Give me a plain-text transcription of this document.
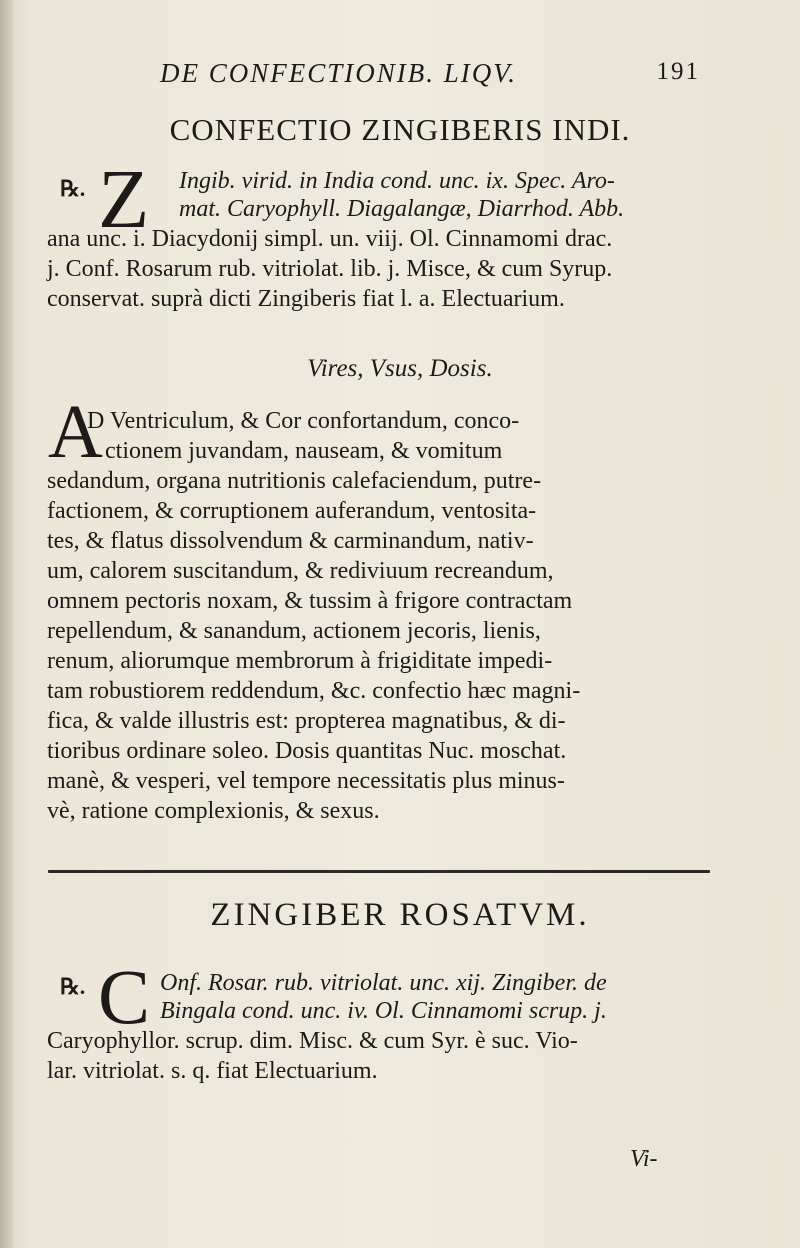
DE CONFECTIONIB. LIQV.	191
CONFECTIO ZINGIBERIS INDI.
℞. Z Ingib. virid. in India cond. unc. ix. Spec. Aro-
mat. Caryophyll. Diagalangæ, Diarrhod. Abb.
ana unc. i. Diacydonij simpl. un. viij. Ol. Cinnamomi drac.
j. Conf. Rosarum rub. vitriolat. lib. j. Misce, & cum Syrup.
conservat. suprà dicti Zingiberis fiat l. a. Electuarium.
Vires, Vsus, Dosis.
A
D Ventriculum, & Cor confortandum, conco-
ctionem juvandam, nauseam, & vomitum
sedandum, organa nutritionis calefaciendum, putre-
factionem, & corruptionem auferandum, ventosita-
tes, & flatus dissolvendum & carminandum, nativ-
um, calorem suscitandum, & rediviuum recreandum,
omnem pectoris noxam, & tussim à frigore contractam
repellendum, & sanandum, actionem jecoris, lienis,
renum, aliorumque membrorum à frigiditate impedi-
tam robustiorem reddendum, &c. confectio hæc magni-
fica, & valde illustris est: propterea magnatibus, & di-
tioribus ordinare soleo. Dosis quantitas Nuc. moschat.
manè, & vesperi, vel tempore necessitatis plus minus-
vè, ratione complexionis, & sexus.
ZINGIBER ROSATVM.
℞. C Onf. Rosar. rub. vitriolat. unc. xij. Zingiber. de
Bingala cond. unc. iv. Ol. Cinnamomi scrup. j.
Caryophyllor. scrup. dim. Misc. & cum Syr. è suc. Vio-
lar. vitriolat. s. q. fiat Electuarium.
Vi-
